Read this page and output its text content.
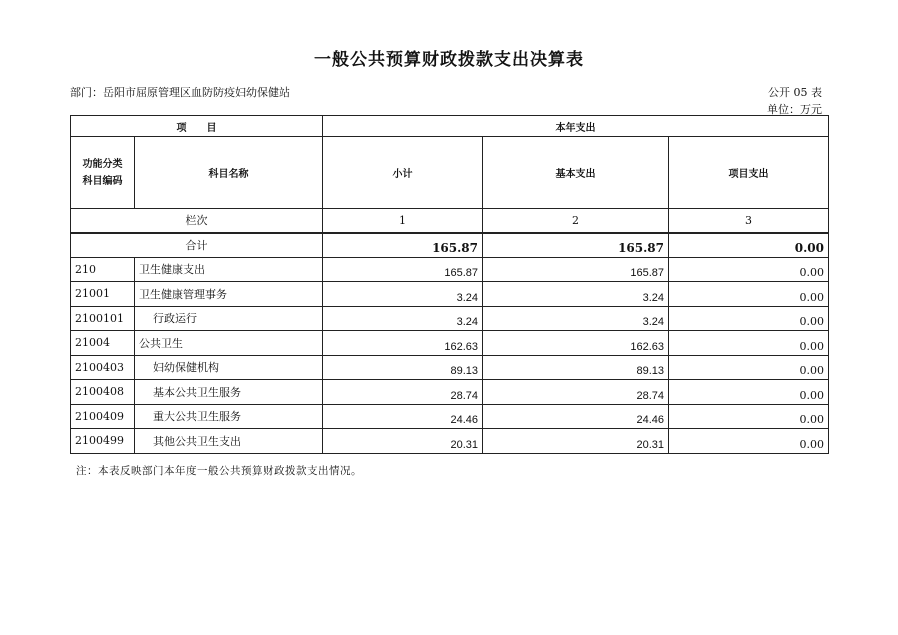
一般公共预算财政拨款支出决算表
部门：岳阳市屈原管理区血防防疫妇幼保健站	公开 05 表
单位：万元
项　　目		本年支出		
功能分类
科目编码	科目名称	小计	基本支出	项目支出
栏次		1	2	3
合计		165.87	165.87	0.00
210	卫生健康支出	165.87	165.87	0.00
21001	卫生健康管理事务	3.24	3.24	0.00
2100101	行政运行	3.24	3.24	0.00
21004	公共卫生	162.63	162.63	0.00
2100403	妇幼保健机构	89.13	89.13	0.00
2100408	基本公共卫生服务	28.74	28.74	0.00
2100409	重大公共卫生服务	24.46	24.46	0.00
2100499	其他公共卫生支出	20.31	20.31	0.00
注：本表反映部门本年度一般公共预算财政拨款支出情况。
